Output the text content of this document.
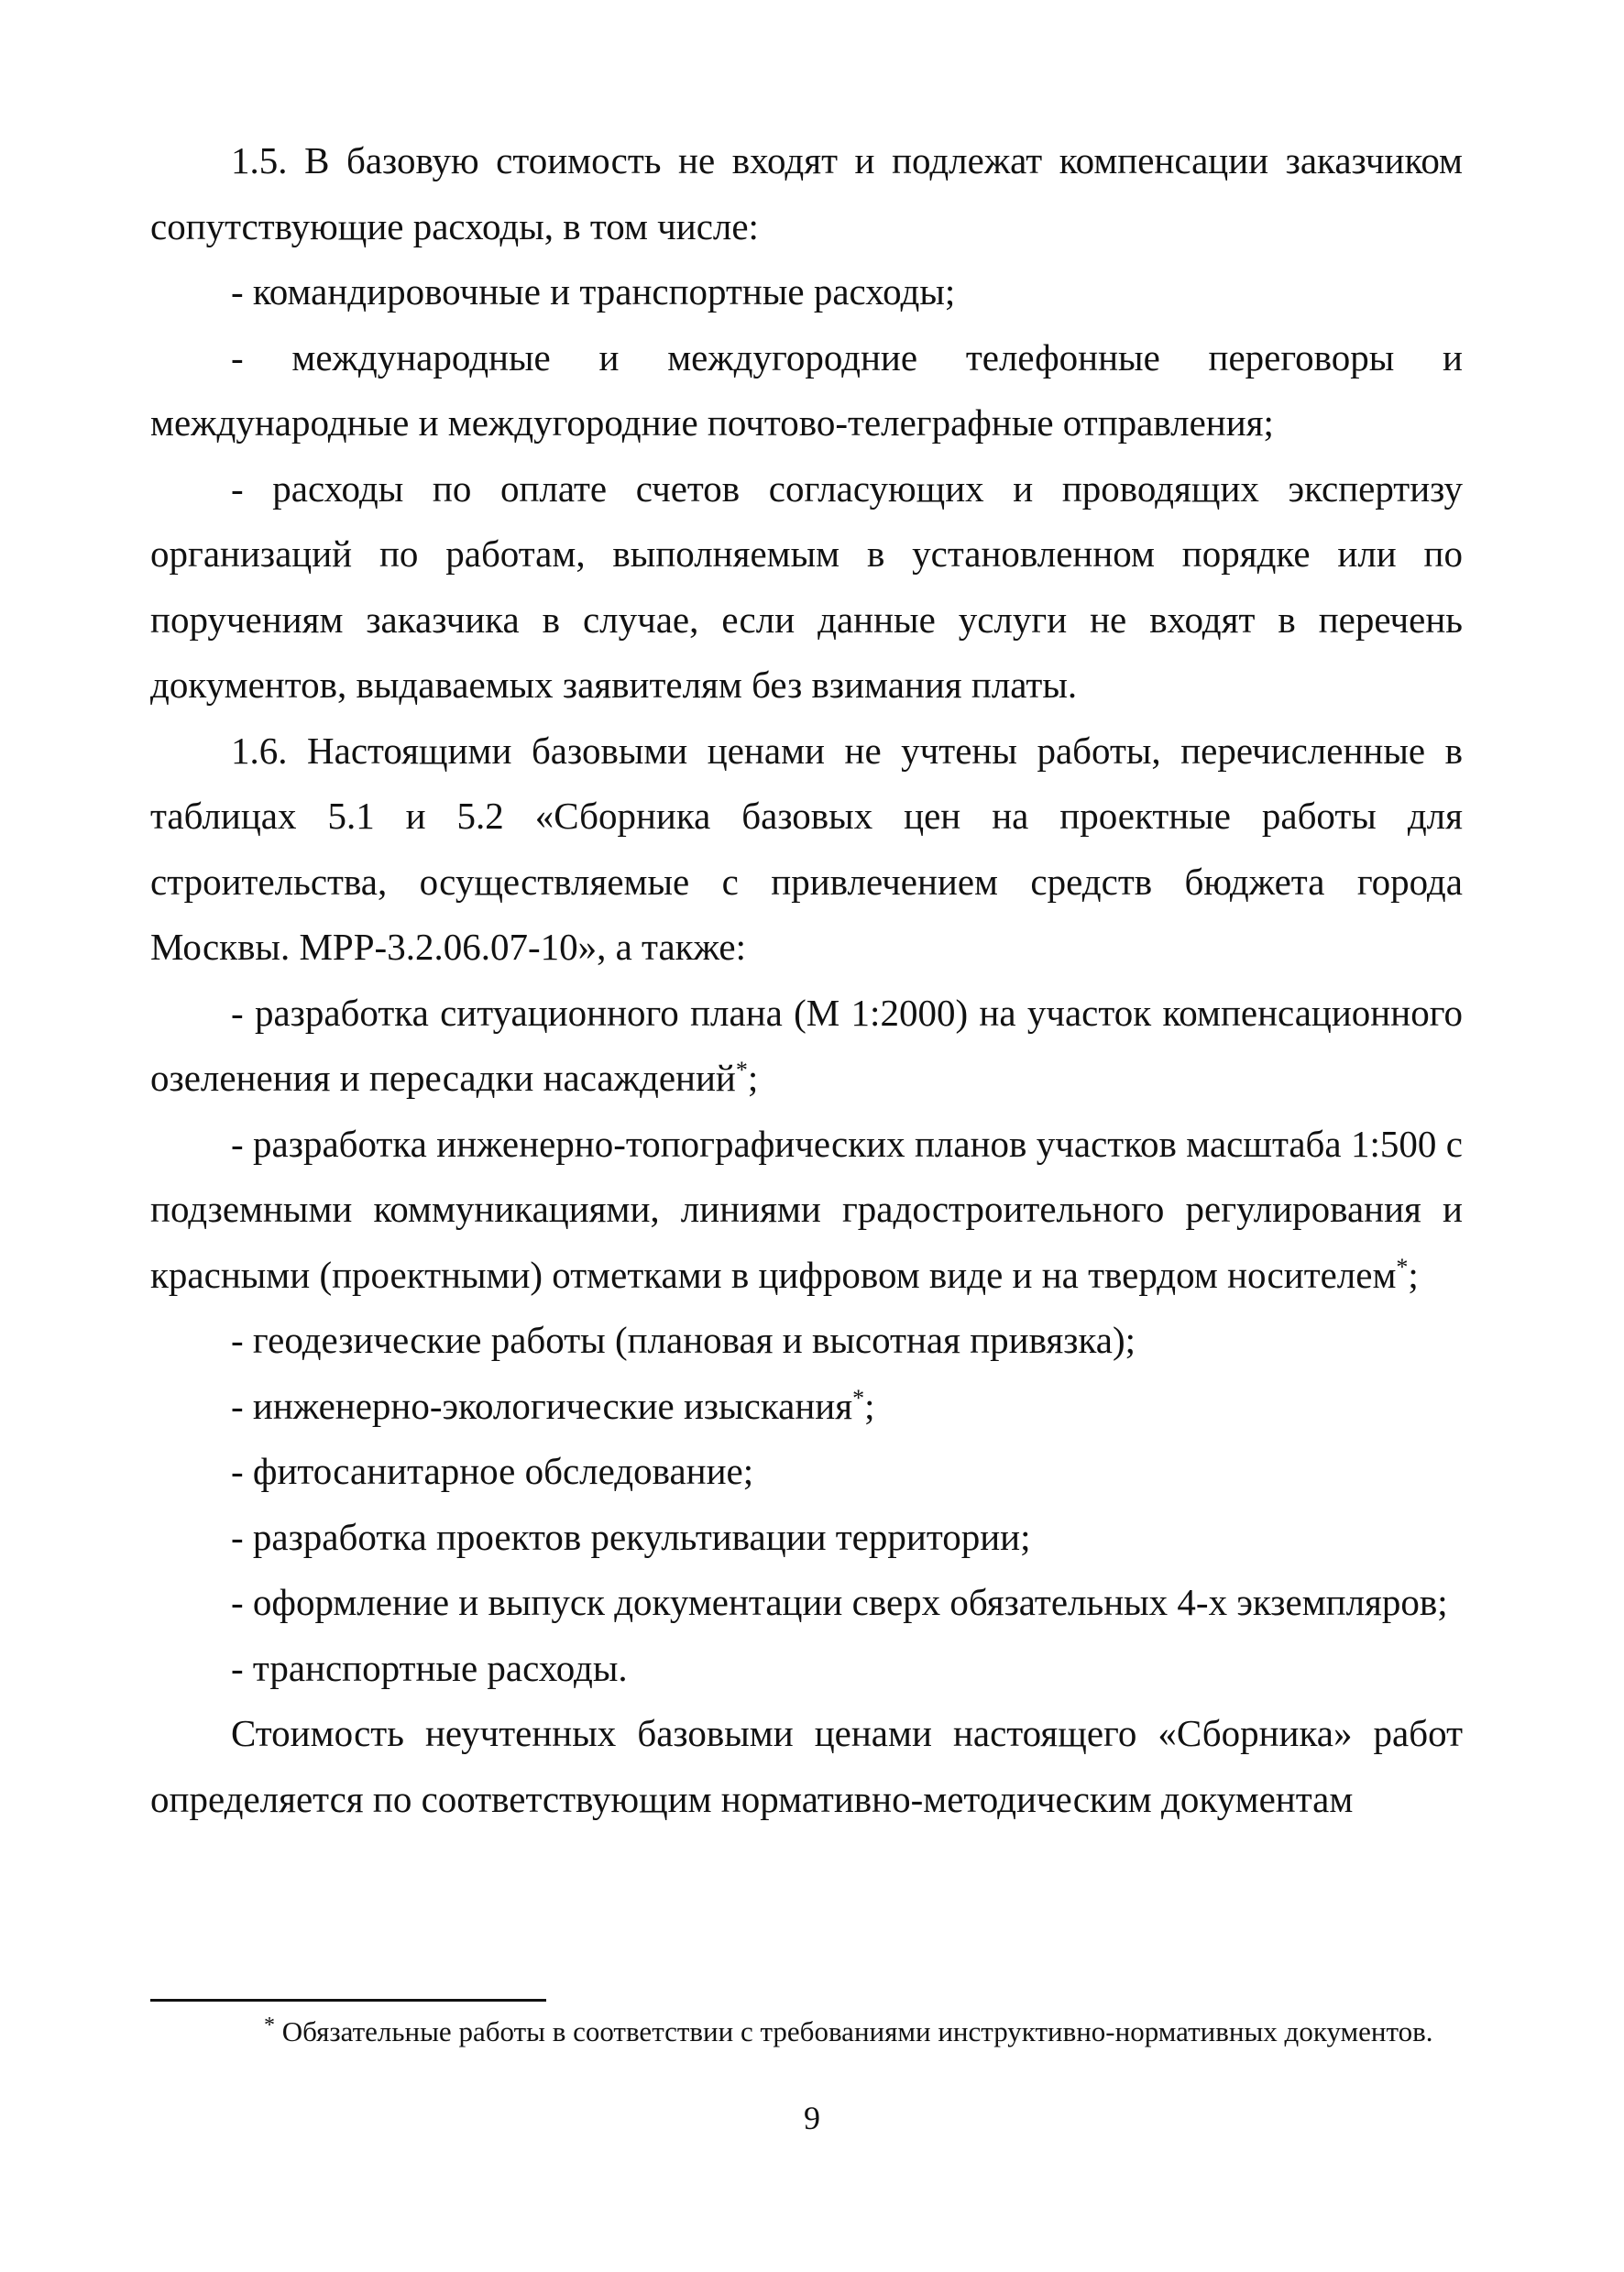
1.5. В базовую стоимость не входят и подлежат компенсации заказчиком сопутствующие расходы, в том числе:

- командировочные и транспортные расходы;

- международные и междугородние телефонные переговоры и международные и междугородние почтово-телеграфные отправления;

- расходы по оплате счетов согласующих и проводящих экспертизу организаций по работам, выполняемым в установленном порядке или по поручениям заказчика в случае, если данные услуги не входят в перечень документов, выдаваемых заявителям без взимания платы.

1.6. Настоящими базовыми ценами не учтены работы, перечисленные в таблицах 5.1 и 5.2 «Сборника базовых цен на проектные работы для строительства, осуществляемые с привлечением средств бюджета города Москвы. МРР-3.2.06.07-10», а также:

- разработка ситуационного плана (М 1:2000) на участок компенсационного озеленения и пересадки насаждений*;

- разработка инженерно-топографических планов участков масштаба 1:500 с подземными коммуникациями, линиями градостроительного регулирования и красными (проектными) отметками в цифровом виде и на твердом носителем*;

- геодезические работы (плановая и высотная привязка);

- инженерно-экологические изыскания*;

- фитосанитарное обследование;

- разработка проектов рекультивации территории;

- оформление и выпуск документации сверх обязательных 4-х экземпляров;

- транспортные расходы.

Стоимость неучтенных базовыми ценами настоящего «Сборника» работ определяется по соответствующим нормативно-методическим документам

* Обязательные работы в соответствии с требованиями инструктивно-нормативных документов.
9
